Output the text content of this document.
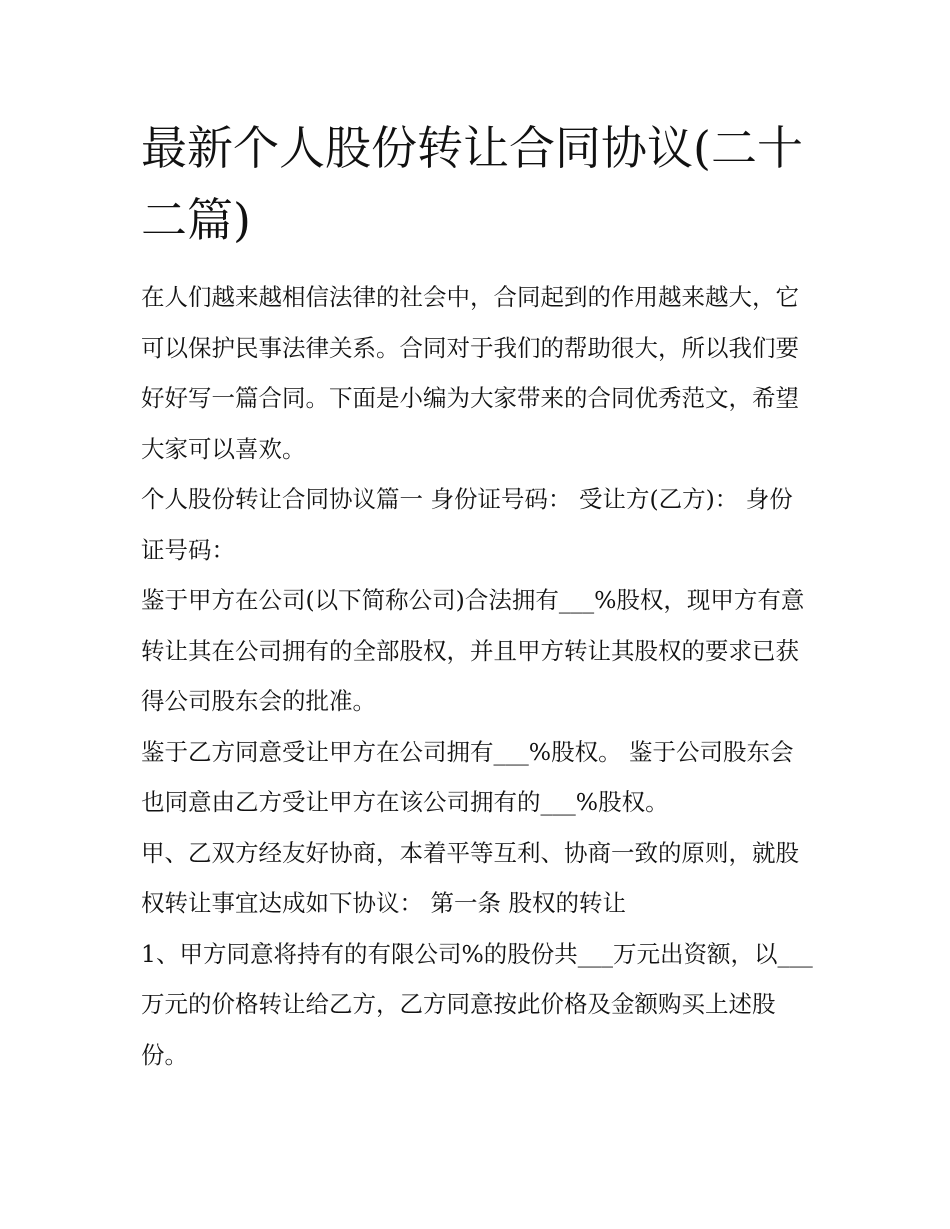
最新个人股份转让合同协议(二十二篇)

在人们越来越相信法律的社会中，合同起到的作用越来越大，它可以保护民事法律关系。合同对于我们的帮助很大，所以我们要好好写一篇合同。下面是小编为大家带来的合同优秀范文，希望大家可以喜欢。

个人股份转让合同协议篇一 身份证号码： 受让方(乙方)： 身份证号码：

鉴于甲方在公司(以下简称公司)合法拥有___%股权，现甲方有意转让其在公司拥有的全部股权，并且甲方转让其股权的要求已获得公司股东会的批准。

鉴于乙方同意受让甲方在公司拥有___%股权。 鉴于公司股东会也同意由乙方受让甲方在该公司拥有的___%股权。

甲、乙双方经友好协商，本着平等互利、协商一致的原则，就股权转让事宜达成如下协议： 第一条 股权的转让

1、甲方同意将持有的有限公司%的股份共___万元出资额，以___万元的价格转让给乙方，乙方同意按此价格及金额购买上述股份。
